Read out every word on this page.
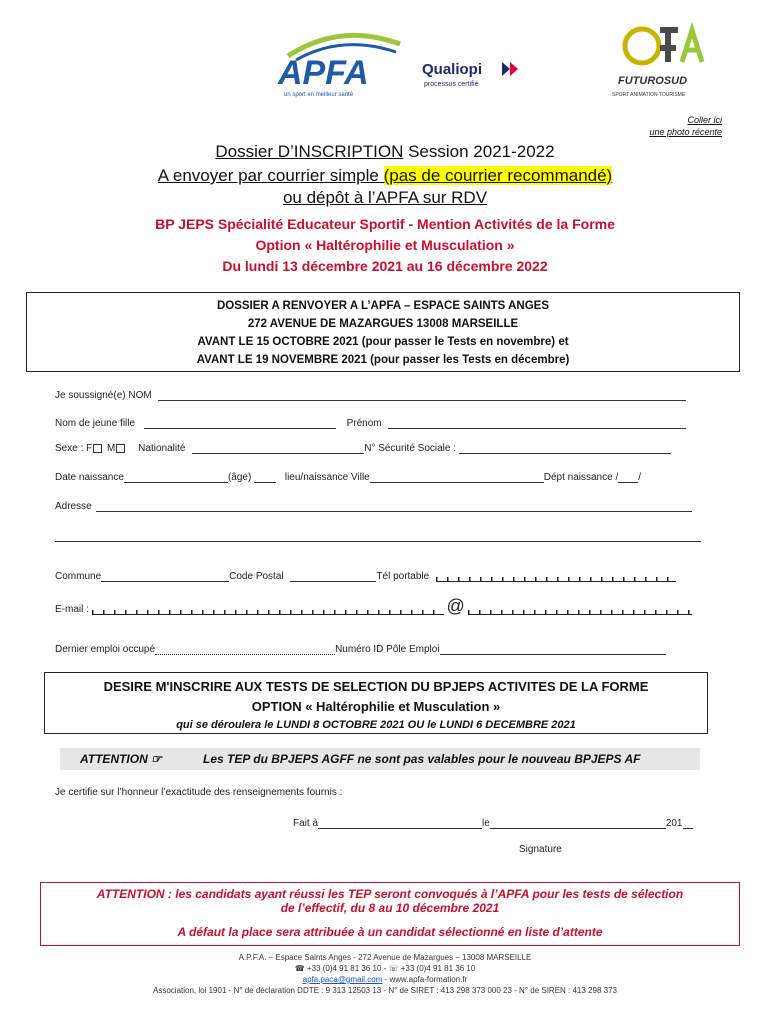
APFA
un sport en meilleur santé
Qualiopi
processus certifié	FUTUROSUD
SPORT ANIMATION TOURISME
Coller ici
une photo récente
Dossier D’INSCRIPTION Session 2021-2022
A envoyer par courrier simple (pas de courrier recommandé)
ou dépôt à l’APFA sur RDV
BP JEPS Spécialité Educateur Sportif - Mention Activités de la Forme
Option « Haltérophilie et Musculation »
Du lundi 13 décembre 2021 au 16 décembre 2022
DOSSIER A RENVOYER A L’APFA – ESPACE SAINTS ANGES
272 AVENUE DE MAZARGUES 13008 MARSEILLE
AVANT LE 15 OCTOBRE 2021 (pour passer le Tests en novembre) et
AVANT LE 19 NOVEMBRE 2021 (pour passer les Tests en décembre)
Je soussigné(e) NOM
Nom de jeune fille	Prénom
Sexe : F M Nationalité	N° Sécurité Sociale :
Date naissance	(âge)	lieu/naissance Ville	Dépt naissance / /
Adresse
Commune	Code Postal	Tél portable
E-mail :	@
Dernier emploi occupé	Numéro ID Pôle Emploi
DESIRE M'INSCRIRE AUX TESTS DE SELECTION DU BPJEPS ACTIVITES DE LA FORME
OPTION « Haltérophilie et Musculation »
qui se déroulera le LUNDI 8 OCTOBRE 2021 OU le LUNDI 6 DECEMBRE 2021
ATTENTION ☞	Les TEP du BPJEPS AGFF ne sont pas valables pour le nouveau BPJEPS AF
Je certifie sur l’honneur l’exactitude des renseignements fournis :
Fait à	le	201
Signature
ATTENTION : les candidats ayant réussi les TEP seront convoqués à l’APFA pour les tests de sélection
de l’effectif, du 8 au 10 décembre 2021
A défaut la place sera attribuée à un candidat sélectionné en liste d’attente
A.P.F.A. – Espace Saints Anges - 272 Avenue de Mazargues – 13008 MARSEILLE
☎ +33 (0)4 91 81 36 10 - ☏ +33 (0)4 91 81 36 10
apfa.paca@gmail.com - www.apfa-formation.fr
Association, loi 1901 - N° de déclaration DDTE : 9 313 12503 13 - N° de SIRET : 413 298 373 000 23 - N° de SIREN : 413 298 373
